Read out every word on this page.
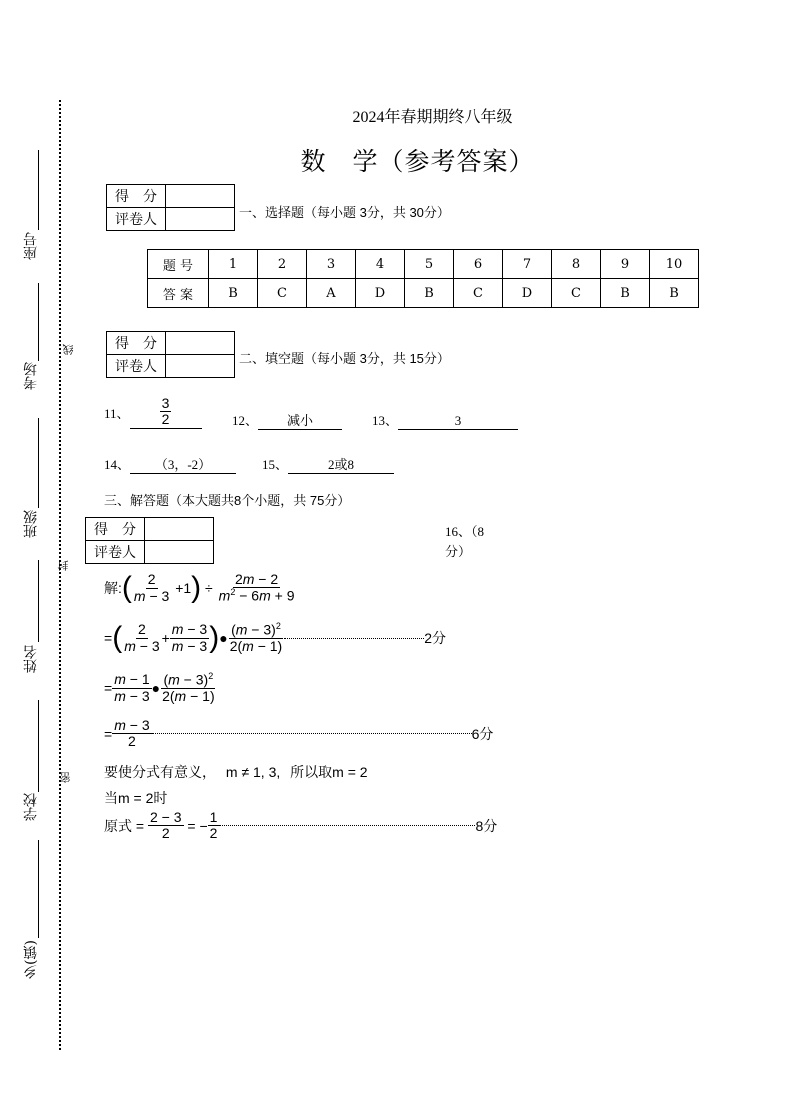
2024年春期期终八年级
数　学（参考答案）
座号
考场
班级
姓名
学校
乡(镇)
线
封
密
得　分	
评卷人		一、选择题（每小题 3分，共 30分）
题 号	1	2	3	4	5	6	7	8	9	10
答 案	B	C	A	D	B	C	D	C	B	B
得　分	
评卷人	
二、填空题（每小题 3分，共 15分）
11、 $\frac{3}{2}$	12、 减小	13、	3
14、 （3，-2）	15、	2或8
三、解答题（本大题共8个小题，共 75分）
得　分	
评卷人	
16、（8 分）
解: ( $\frac{2}{m - 3} +1$ ) ÷ $\frac{2m - 2}{m^2 - 6m + 9}$
= ( $\frac{2}{m - 3} + \frac{m - 3}{m - 3}$ ) ● $\frac{(m - 3)^2}{2(m - 1)}$	2分
= $\frac{m - 1}{m - 3}$ ● $\frac{(m - 3)^2}{2(m - 1)}$
= $\frac{m - 3}{2}$	6分
要使分式有意义， m ≠ 1, 3, 所以取m = 2
当m = 2时
原式 = $\frac{2 - 3}{2}$ = − $\frac{1}{2}$	8分
